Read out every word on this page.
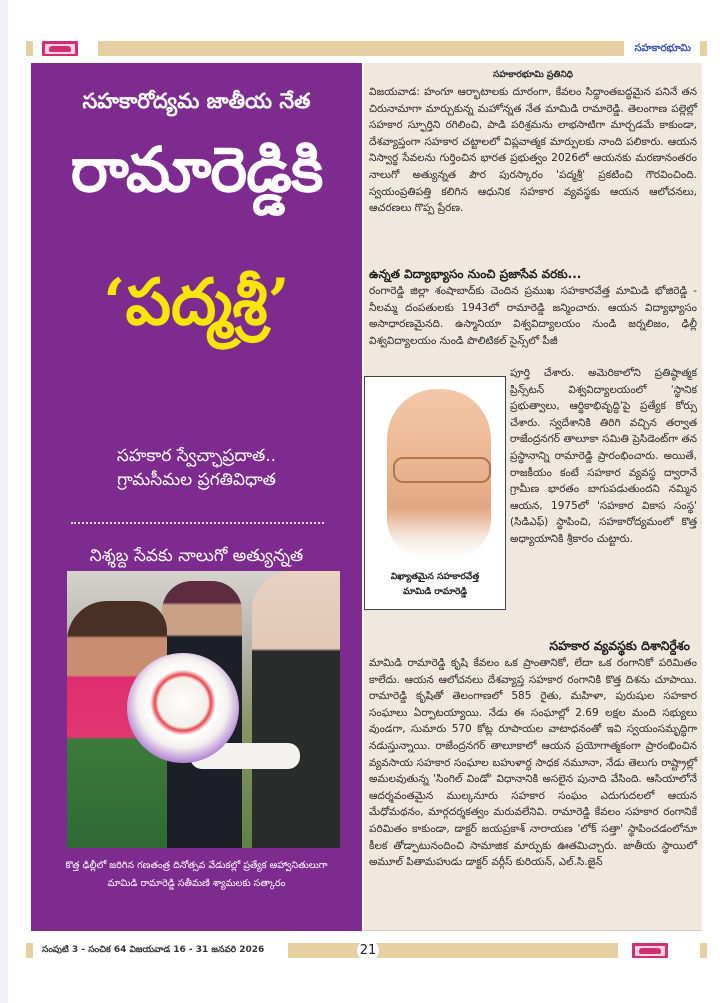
సహకారభూమి
సహకారోద్యమ జాతీయ నేత
రామారెడ్డికి
‘పద్మశ్రీ’
సహకార స్వేచ్ఛాప్రదాత..
గ్రామసీమల ప్రగతివిధాత
నిశ్శబ్ద సేవకు నాలుగో అత్యున్నత
కొత్త ఢిల్లీలో జరిగిన గణతంత్ర దినోత్సవ వేడుకల్లో ప్రత్యేక ఆహ్వానితులుగా
మామిడి రామారెడ్డి సతీమణి శ్యామలకు సత్కారం
సహకారభూమి ప్రతినిధి
విజయవాడ: హంగూ ఆర్భాటాలకు దూరంగా, కేవలం సిద్ధాంతబద్ధమైన పనినే తన చిరునామాగా మార్చుకున్న మహోన్నత నేత మామిడి రామారెడ్డి. తెలంగాణ పల్లెల్లో సహకార స్ఫూర్తిని రగిలించి, పాడి పరిశ్రమను లాభసాటిగా మార్చడమే కాకుండా, దేశవ్యాప్తంగా సహకార చట్టాలలో విప్లవాత్మక మార్పులకు నాంది పలికారు. ఆయన నిస్వార్థ సేవలను గుర్తించిన భారత ప్రభుత్వం 2026లో ఆయనకు మరణానంతరం నాలుగో అత్యున్నత పౌర పురస్కారం 'పద్మశ్రీ' ప్రకటించి గౌరవించింది. స్వయంప్రతిపత్తి కలిగిన ఆధునిక సహకార వ్యవస్థకు ఆయన ఆలోచనలు, ఆచరణలు గొప్ప ప్రేరణ.
ఉన్నత విద్యాభ్యాసం నుంచి ప్రజాసేవ వరకు...
రంగారెడ్డి జిల్లా శంషాబాద్‌కు చెందిన ప్రముఖ సహకారవేత్త మామిడి భోజిరెడ్డి - నీలమ్మ దంపతులకు 1943లో రామారెడ్డి జన్మించారు. ఆయన విద్యాభ్యాసం అసాధారణమైనది. ఉస్మానియా విశ్వవిద్యాలయం నుండి జర్నలిజం, ఢిల్లీ విశ్వవిద్యాలయం నుండి పొలిటికల్ సైన్స్‌లో పీజీ
విఖ్యాతమైన సహకారవేత్త
మామిడి రామారెడ్డి
పూర్తి చేశారు. అమెరికాలోని ప్రతిష్ఠాత్మక ప్రిన్స్‌టన్ విశ్వవిద్యాలయంలో 'స్థానిక ప్రభుత్వాలు, ఆర్థికాభివృద్ధి'పై ప్రత్యేక కోర్సు చేశారు. స్వదేశానికి తిరిగి వచ్చిన తర్వాత రాజేంద్రనగర్ తాలూకా సమితి ప్రెసిడెంట్‌గా తన ప్రస్థానాన్ని రామారెడ్డి ప్రారంభించారు. అయితే, రాజకీయం కంటే సహకార వ్యవస్థ ద్వారానే గ్రామీణ భారతం బాగుపడుతుందని నమ్మిన ఆయన, 1975లో 'సహకార వికాస సంస్థ' (సిడిఎఫ్) స్థాపించి, సహకారోద్యమంలో కొత్త అధ్యాయానికి శ్రీకారం చుట్టారు.
సహకార వ్యవస్థకు దిశానిర్దేశం
మామిడి రామారెడ్డి కృషి కేవలం ఒక ప్రాంతానికో, లేదా ఒక రంగానికో పరిమితం కాలేదు. ఆయన ఆలోచనలు దేశవ్యాప్త సహకార రంగానికి కొత్త దిశను చూపాయి. రామారెడ్డి కృషితో తెలంగాణలో 585 రైతు, మహిళా, పురుషుల సహకార సంఘాలు ఏర్పాటయ్యాయి. నేడు ఈ సంఘాల్లో 2.69 లక్షల మంది సభ్యులు వుండగా, సుమారు 570 కోట్ల రూపాయల వాటాధనంతో ఇవి స్వయంసమృద్ధిగా నడుస్తున్నాయి. రాజేంద్రనగర్ తాలూకాలో ఆయన ప్రయోగాత్మకంగా ప్రారంభించిన వ్యవసాయ సహకార సంఘాల బహుళార్ధ సాధక నమూనా, నేడు తెలుగు రాష్ట్రాల్లో అమలవుతున్న 'సింగిల్ విండో' విధానానికి అసలైన పునాది వేసింది. ఆసియాలోనే ఆదర్శవంతమైన ముల్కనూరు సహకార సంఘం ఎదుగుదలలో ఆయన మేధోమథనం, మార్గదర్శకత్వం మరువలేనివి. రామారెడ్డి కేవలం సహకార రంగానికే పరిమితం కాకుండా, డాక్టర్ జయప్రకాశ్ నారాయణ 'లోక్ సత్తా' స్థాపించడంలోనూ కీలక తోడ్పాటునందించి సామాజిక మార్పుకు ఊతమిచ్చారు. జాతీయ స్థాయిలో అమూల్ పితామహుడు డాక్టర్ వర్గీస్ కురియన్, ఎల్.సి.జైన్
సంపుటి 3 - సంచిక 64 విజయవాడ 16 - 31 జనవరి 2026	21
